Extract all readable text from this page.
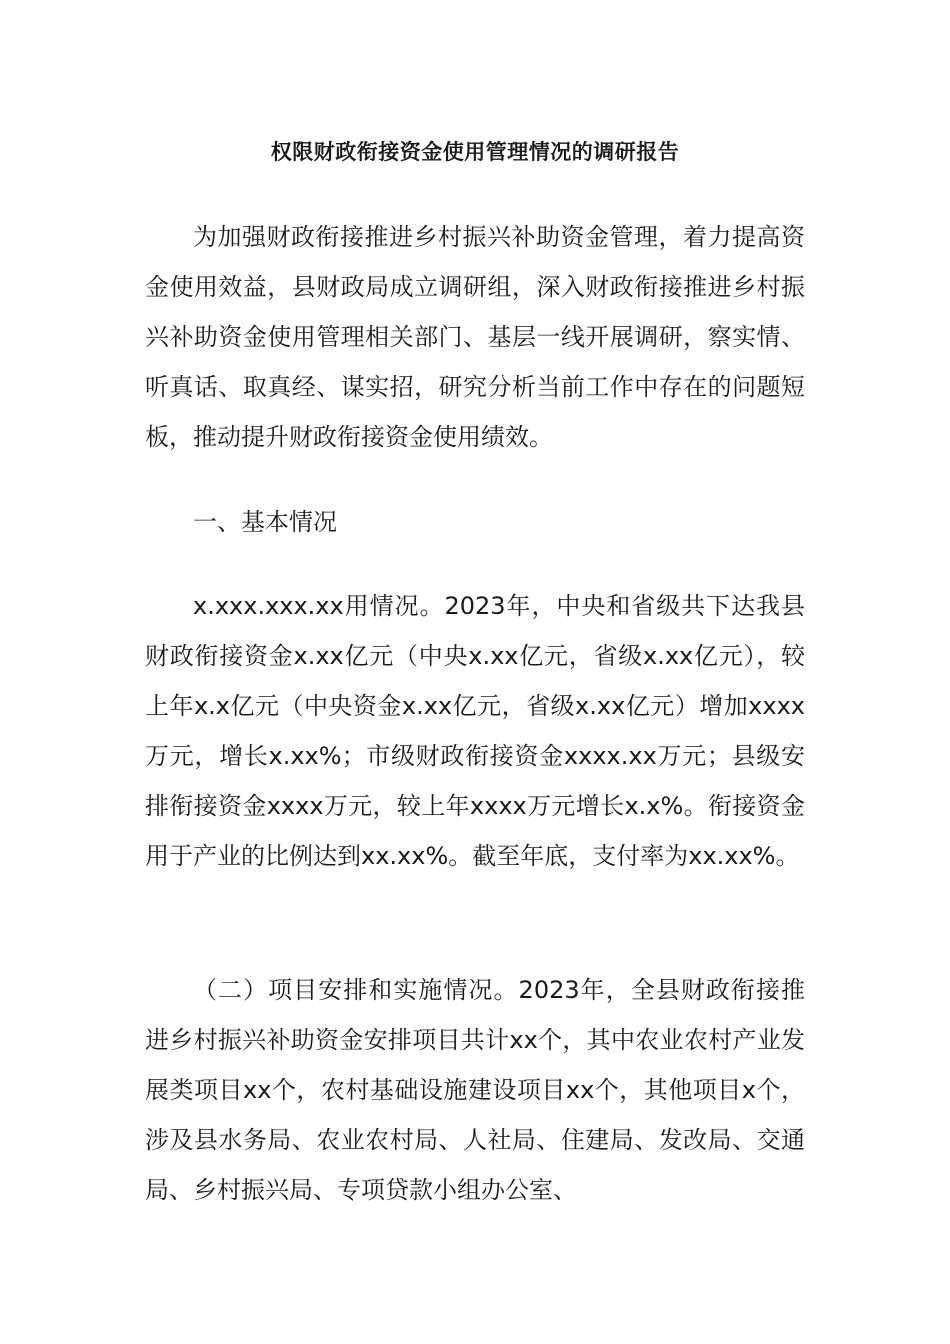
权限财政衔接资金使用管理情况的调研报告

为加强财政衔接推进乡村振兴补助资金管理，着力提高资金使用效益，县财政局成立调研组，深入财政衔接推进乡村振兴补助资金使用管理相关部门、基层一线开展调研，察实情、听真话、取真经、谋实招，研究分析当前工作中存在的问题短板，推动提升财政衔接资金使用绩效。

一、基本情况

x.xxx.xxx.xx用情况。2023年，中央和省级共下达我县财政衔接资金x.xx亿元（中央x.xx亿元，省级x.xx亿元），较上年x.x亿元（中央资金x.xx亿元，省级x.xx亿元）增加xxxx万元，增长x.xx%；市级财政衔接资金xxxx.xx万元；县级安排衔接资金xxxx万元，较上年xxxx万元增长x.x%。衔接资金用于产业的比例达到xx.xx%。截至年底，支付率为xx.xx%。

（二）项目安排和实施情况。2023年，全县财政衔接推进乡村振兴补助资金安排项目共计xx个，其中农业农村产业发展类项目xx个，农村基础设施建设项目xx个，其他项目x个，涉及县水务局、农业农村局、人社局、住建局、发改局、交通局、乡村振兴局、专项贷款小组办公室、
